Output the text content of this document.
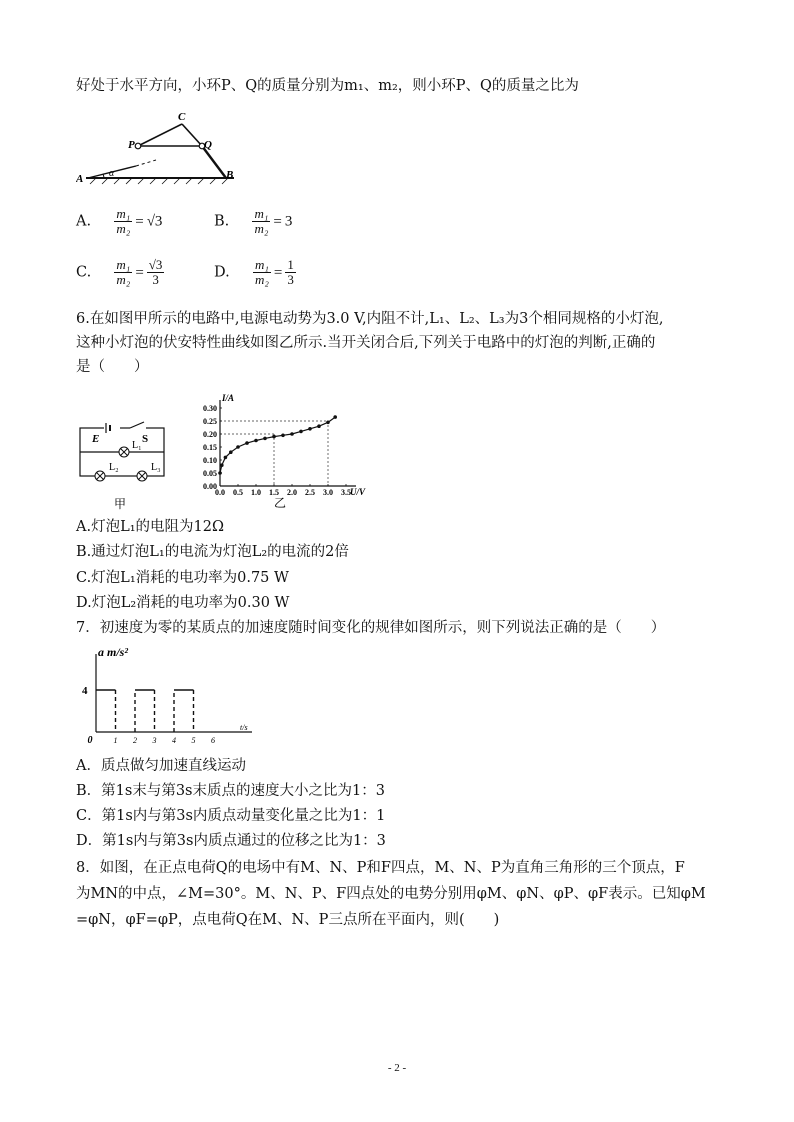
好处于水平方向，小环P、Q的质量分别为m₁、m₂，则小环P、Q的质量之比为
C
P	Q
A	B
α
A. $\frac{\text{m₁}}{\text{m₂}} = √3$	B. $\frac{\text{m₁}}{\text{m₂}} = 3$
C. $\frac{\text{m₁}}{\text{m₂}} = \frac{√3}{3}$	D. $\frac{\text{m₁}}{\text{m₂}} = \frac{1}{3}$
6.在如图甲所示的电路中,电源电动势为3.0 V,内阻不计,L₁、L₂、L₃为3个相同规格的小灯泡,
这种小灯泡的伏安特性曲线如图乙所示.当开关闭合后,下列关于电路中的灯泡的判断,正确的
是（　　）
E	S
L₁
L₂	L₃
甲
0.0 0.5 1.0 1.5 2.0 2.5 3.0 3.5
0.00
0.05
0.10
0.15
0.20
0.25
0.30
U/V
I/A
乙
A.灯泡L₁的电阻为12Ω
B.通过灯泡L₁的电流为灯泡L₂的电流的2倍
C.灯泡L₁消耗的电功率为0.75 W
D.灯泡L₂消耗的电功率为0.30 W
7．初速度为零的某质点的加速度随时间变化的规律如图所示，则下列说法正确的是（　　）
0	1 2 3 4 5 6
4
a m/s²
t/s
A．质点做匀加速直线运动
B．第1s末与第3s末质点的速度大小之比为1：3
C．第1s内与第3s内质点动量变化量之比为1：1
D．第1s内与第3s内质点通过的位移之比为1：3
8．如图，在正点电荷Q的电场中有M、N、P和F四点，M、N、P为直角三角形的三个顶点，F
为MN的中点，∠M=30°。M、N、P、F四点处的电势分别用φM、φN、φP、φF表示。已知φM
=φN，φF=φP，点电荷Q在M、N、P三点所在平面内，则(　　)
- 2 -
